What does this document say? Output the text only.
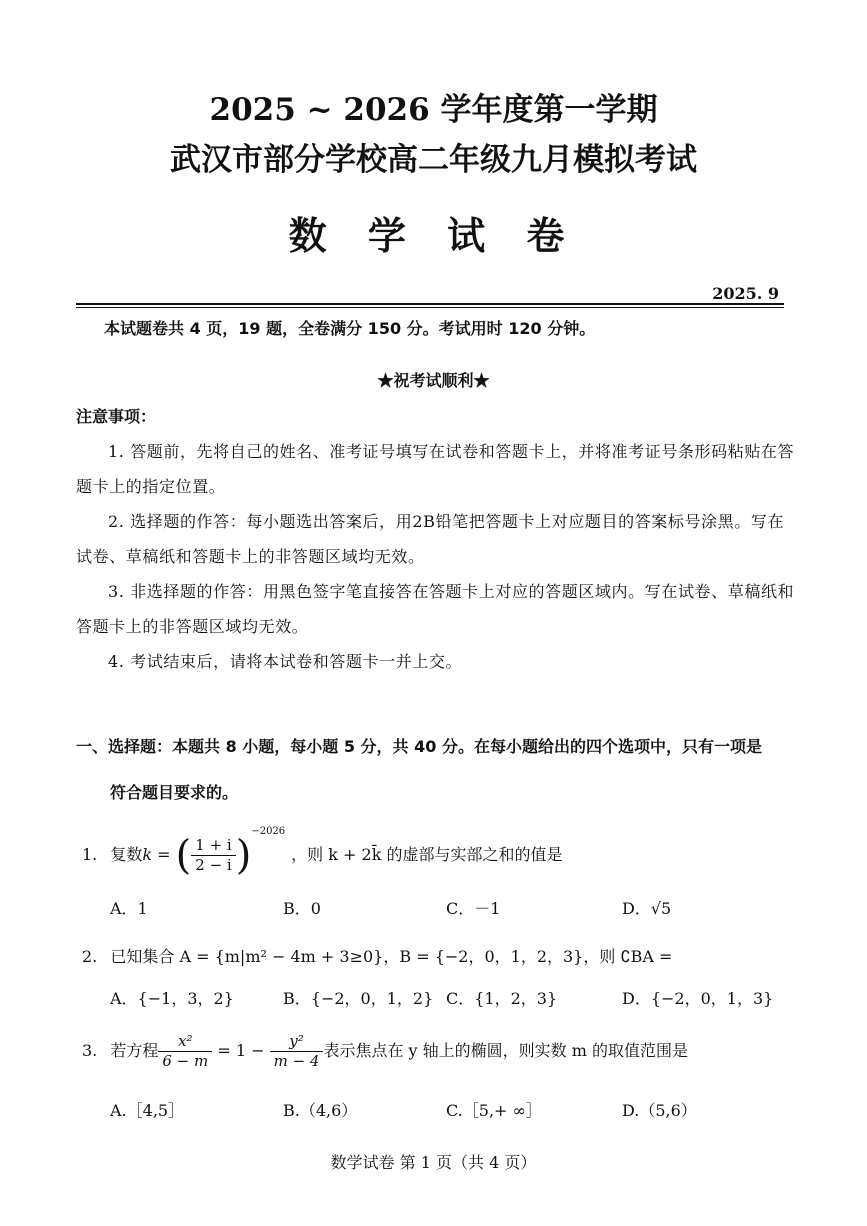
2025 ~ 2026 学年度第一学期
武汉市部分学校高二年级九月模拟考试
数 学 试 卷
2025. 9
本试题卷共 4 页，19 题，全卷满分 150 分。考试用时 120 分钟。
★祝考试顺利★
注意事项：
1. 答题前，先将自己的姓名、准考证号填写在试卷和答题卡上，并将准考证号条形码粘贴在答题卡上的指定位置。
2. 选择题的作答：每小题选出答案后，用2B铅笔把答题卡上对应题目的答案标号涂黑。写在试卷、草稿纸和答题卡上的非答题区域均无效。
3. 非选择题的作答：用黑色签字笔直接答在答题卡上对应的答题区域内。写在试卷、草稿纸和答题卡上的非答题区域均无效。
4. 考试结束后，请将本试卷和答题卡一并上交。
一、选择题：本题共 8 小题，每小题 5 分，共 40 分。在每小题给出的四个选项中，只有一项是
符合题目要求的。
1. 复数k = ( $\frac{1 + i}{2 - i} )^{-2026}$，则 k + 2k̄ 的虚部与实部之和的值是
A．1	B．0	C．－1	D．√5
2. 已知集合 A = {m|m² − 4m + 3≥0}，B = {−2，0，1，2，3}，则 ∁BA =
A．{−1，3，2}	B．{−2，0，1，2} C．{1，2，3}	D．{−2，0，1，3}
3. 若方程 $\frac{\text{x²}}{6 - m} = 1 - \frac{\text{y²}}{m - 4}$ 表示焦点在 y 轴上的椭圆，则实数 m 的取值范围是
A.［4,5］	B.（4,6）	C.［5,+ ∞］	D.（5,6）
数学试卷 第 1 页（共 4 页）
